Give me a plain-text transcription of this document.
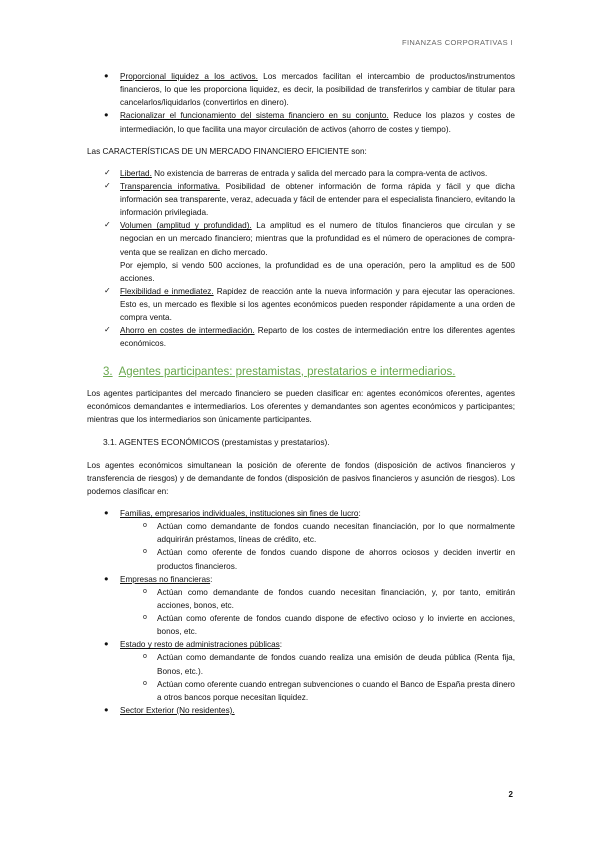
FINANZAS CORPORATIVAS I
● Proporcional liquidez a los activos. Los mercados facilitan el intercambio de productos/instrumentos financieros, lo que les proporciona liquidez, es decir, la posibilidad de transferirlos y cambiar de titular para cancelarlos/liquidarlos (convertirlos en dinero).
● Racionalizar el funcionamiento del sistema financiero en su conjunto. Reduce los plazos y costes de intermediación, lo que facilita una mayor circulación de activos (ahorro de costes y tiempo).

Las CARACTERÍSTICAS DE UN MERCADO FINANCIERO EFICIENTE son:

✓ Libertad. No existencia de barreras de entrada y salida del mercado para la compra-venta de activos.
✓ Transparencia informativa. Posibilidad de obtener información de forma rápida y fácil y que dicha información sea transparente, veraz, adecuada y fácil de entender para el especialista financiero, evitando la información privilegiada.
✓ Volumen (amplitud y profundidad). La amplitud es el numero de títulos financieros que circulan y se negocian en un mercado financiero; mientras que la profundidad es el número de operaciones de compra-venta que se realizan en dicho mercado.
Por ejemplo, si vendo 500 acciones, la profundidad es de una operación, pero la amplitud es de 500 acciones.
✓ Flexibilidad e inmediatez. Rapidez de reacción ante la nueva información y para ejecutar las operaciones. Esto es, un mercado es flexible si los agentes económicos pueden responder rápidamente a una orden de compra venta.
✓ Ahorro en costes de intermediación. Reparto de los costes de intermediación entre los diferentes agentes económicos.
3. Agentes participantes: prestamistas, prestatarios e intermediarios.

Los agentes participantes del mercado financiero se pueden clasificar en: agentes económicos oferentes, agentes económicos demandantes e intermediarios. Los oferentes y demandantes son agentes económicos y participantes; mientras que los intermediarios son únicamente participantes.

3.1. AGENTES ECONÓMICOS (prestamistas y prestatarios).

Los agentes económicos simultanean la posición de oferente de fondos (disposición de activos financieros y transferencia de riesgos) y de demandante de fondos (disposición de pasivos financieros y asunción de riesgos). Los podemos clasificar en:

● Familias, empresarios individuales, instituciones sin fines de lucro:
o Actúan como demandante de fondos cuando necesitan financiación, por lo que normalmente adquirirán préstamos, líneas de crédito, etc.
o Actúan como oferente de fondos cuando dispone de ahorros ociosos y deciden invertir en productos financieros.
● Empresas no financieras:
o Actúan como demandante de fondos cuando necesitan financiación, y, por tanto, emitirán acciones, bonos, etc.
o Actúan como oferente de fondos cuando dispone de efectivo ocioso y lo invierte en acciones, bonos, etc.
● Estado y resto de administraciones públicas:
o Actúan como demandante de fondos cuando realiza una emisión de deuda pública (Renta fija, Bonos, etc.).
o Actúan como oferente cuando entregan subvenciones o cuando el Banco de España presta dinero a otros bancos porque necesitan liquidez.
● Sector Exterior (No residentes).
2
